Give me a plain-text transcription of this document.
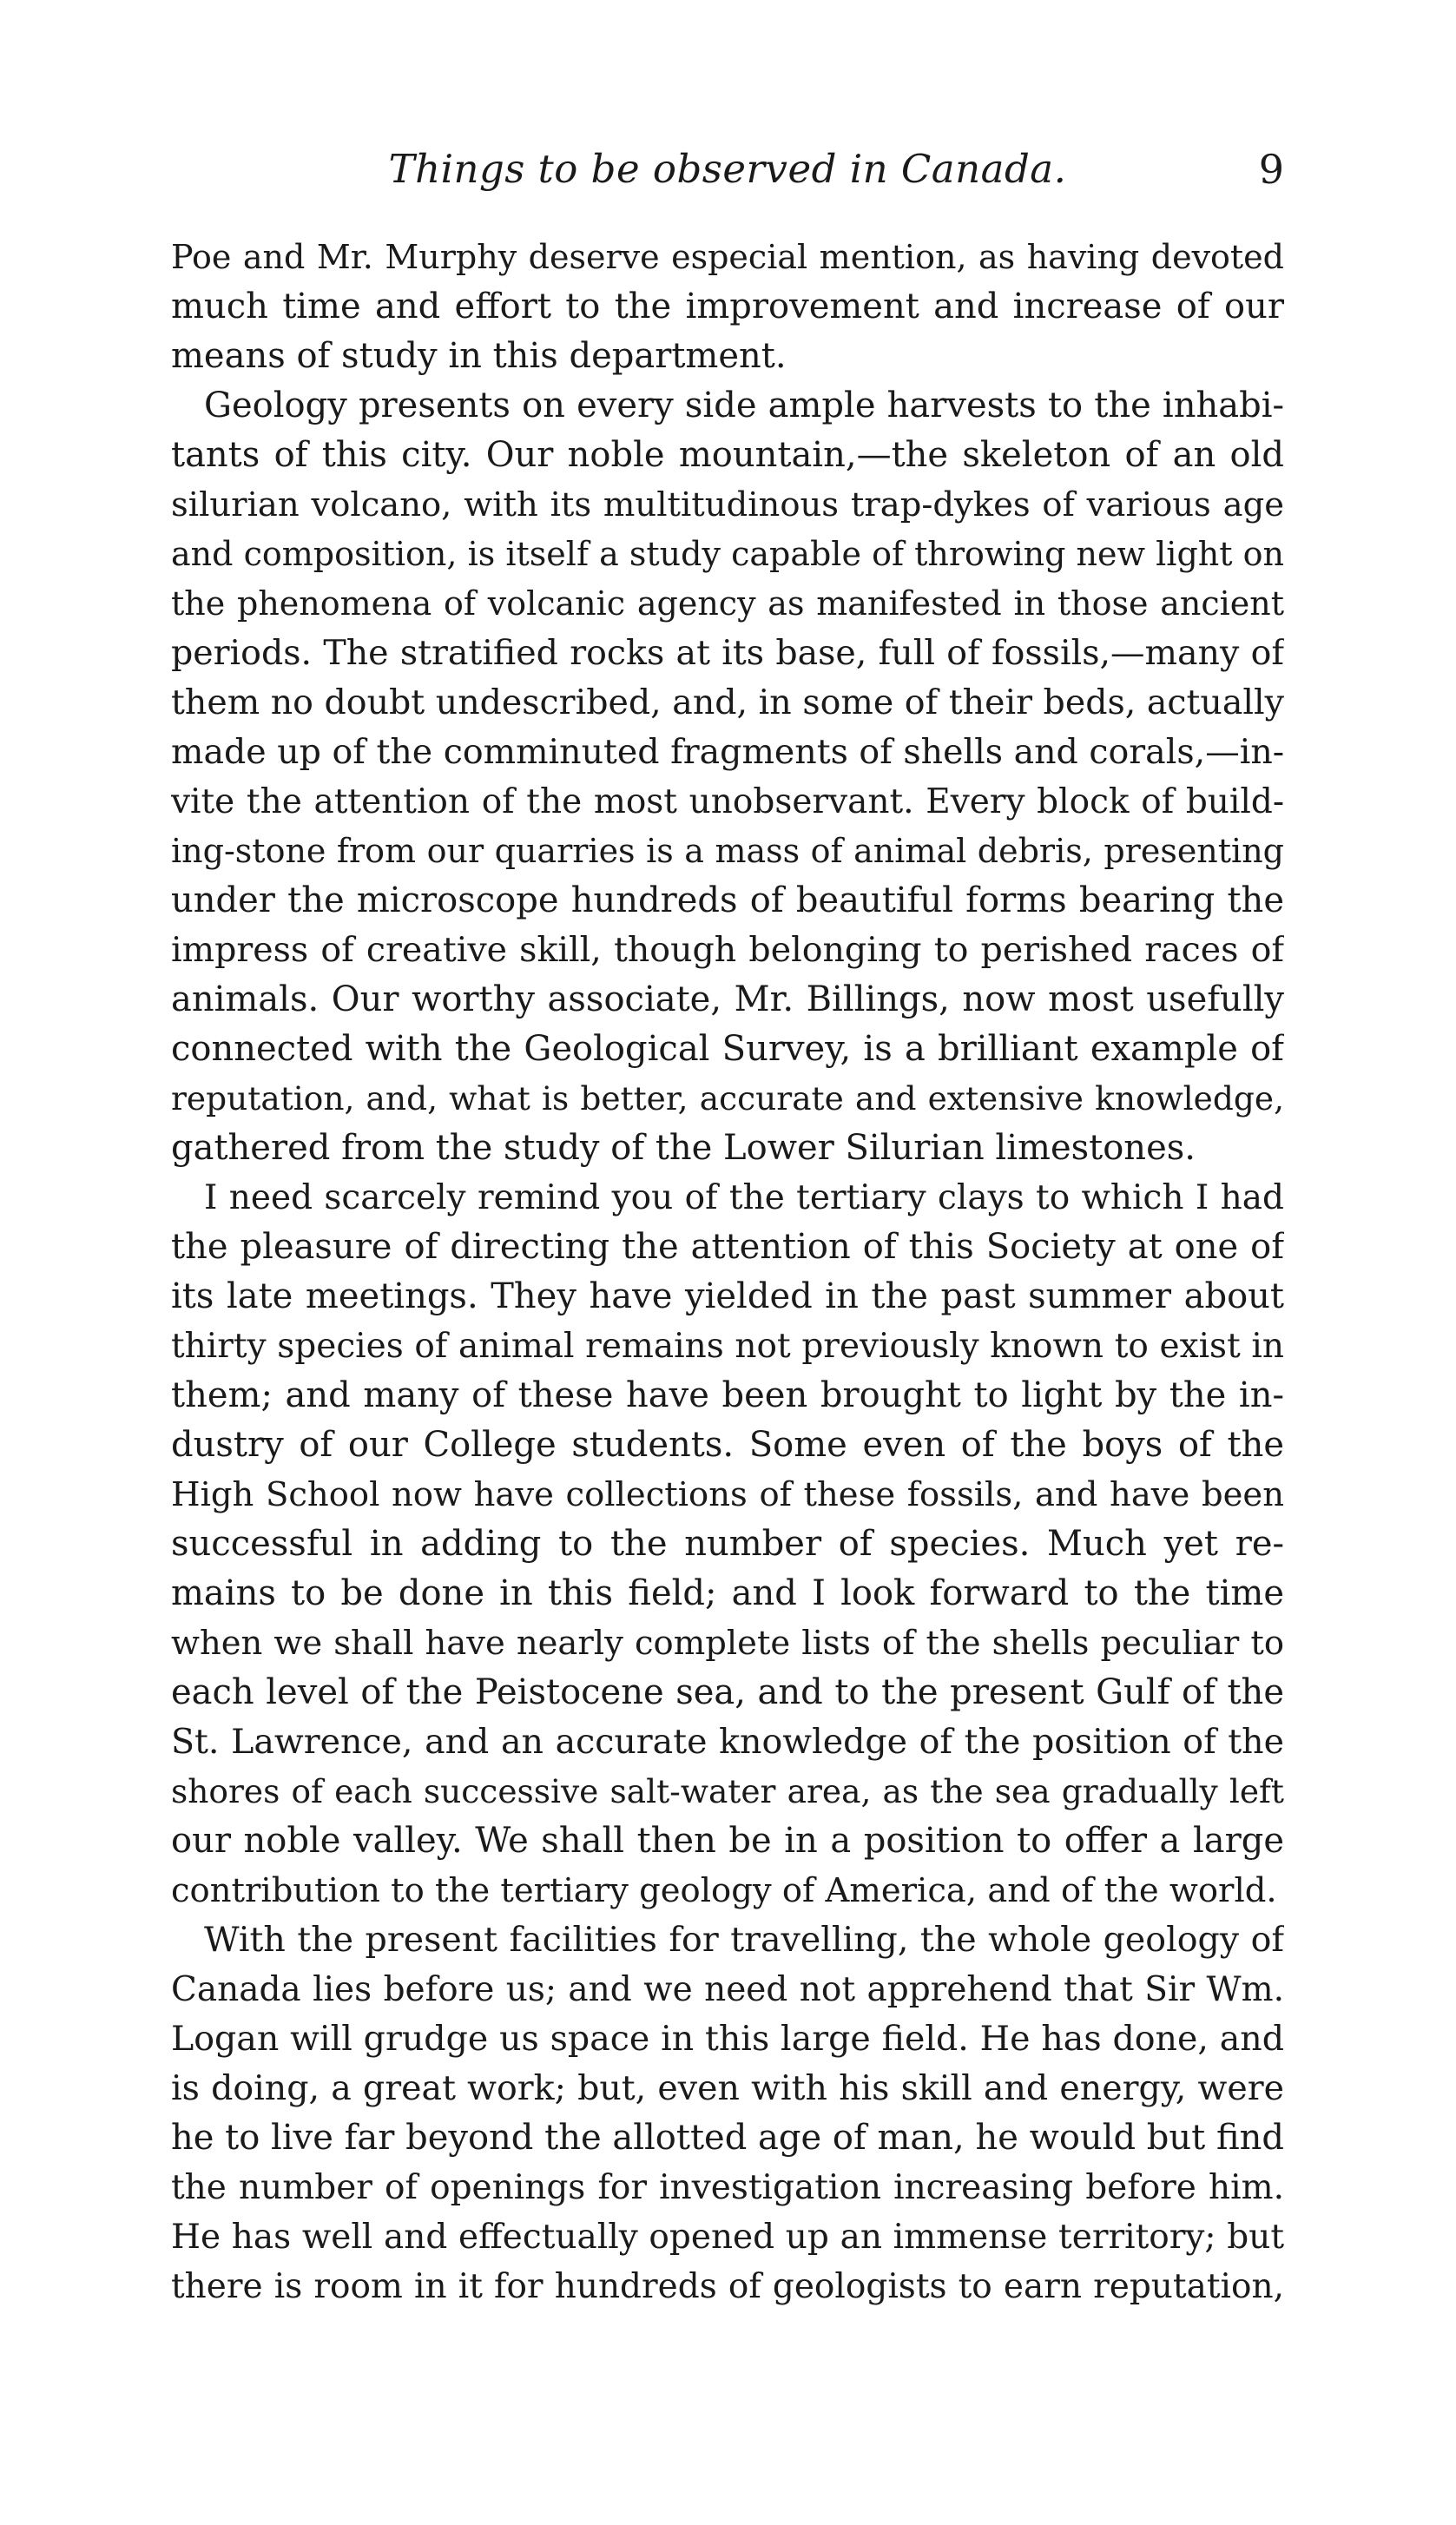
Things to be observed in Canada.	9
Poe and Mr. Murphy deserve especial mention, as having devoted
much time and effort to the improvement and increase of our
means of study in this department.
Geology presents on every side ample harvests to the inhabi-
tants of this city. Our noble mountain,—the skeleton of an old
silurian volcano, with its multitudinous trap-dykes of various age
and composition, is itself a study capable of throwing new light on
the phenomena of volcanic agency as manifested in those ancient
periods. The stratified rocks at its base, full of fossils,—many of
them no doubt undescribed, and, in some of their beds, actually
made up of the comminuted fragments of shells and corals,—in-
vite the attention of the most unobservant. Every block of build-
ing-stone from our quarries is a mass of animal debris, presenting
under the microscope hundreds of beautiful forms bearing the
impress of creative skill, though belonging to perished races of
animals. Our worthy associate, Mr. Billings, now most usefully
connected with the Geological Survey, is a brilliant example of
reputation, and, what is better, accurate and extensive knowledge,
gathered from the study of the Lower Silurian limestones.
I need scarcely remind you of the tertiary clays to which I had
the pleasure of directing the attention of this Society at one of
its late meetings. They have yielded in the past summer about
thirty species of animal remains not previously known to exist in
them; and many of these have been brought to light by the in-
dustry of our College students. Some even of the boys of the
High School now have collections of these fossils, and have been
successful in adding to the number of species. Much yet re-
mains to be done in this field; and I look forward to the time
when we shall have nearly complete lists of the shells peculiar to
each level of the Peistocene sea, and to the present Gulf of the
St. Lawrence, and an accurate knowledge of the position of the
shores of each successive salt-water area, as the sea gradually left
our noble valley. We shall then be in a position to offer a large
contribution to the tertiary geology of America, and of the world.
With the present facilities for travelling, the whole geology of
Canada lies before us; and we need not apprehend that Sir Wm.
Logan will grudge us space in this large field. He has done, and
is doing, a great work; but, even with his skill and energy, were
he to live far beyond the allotted age of man, he would but find
the number of openings for investigation increasing before him.
He has well and effectually opened up an immense territory; but
there is room in it for hundreds of geologists to earn reputation,
